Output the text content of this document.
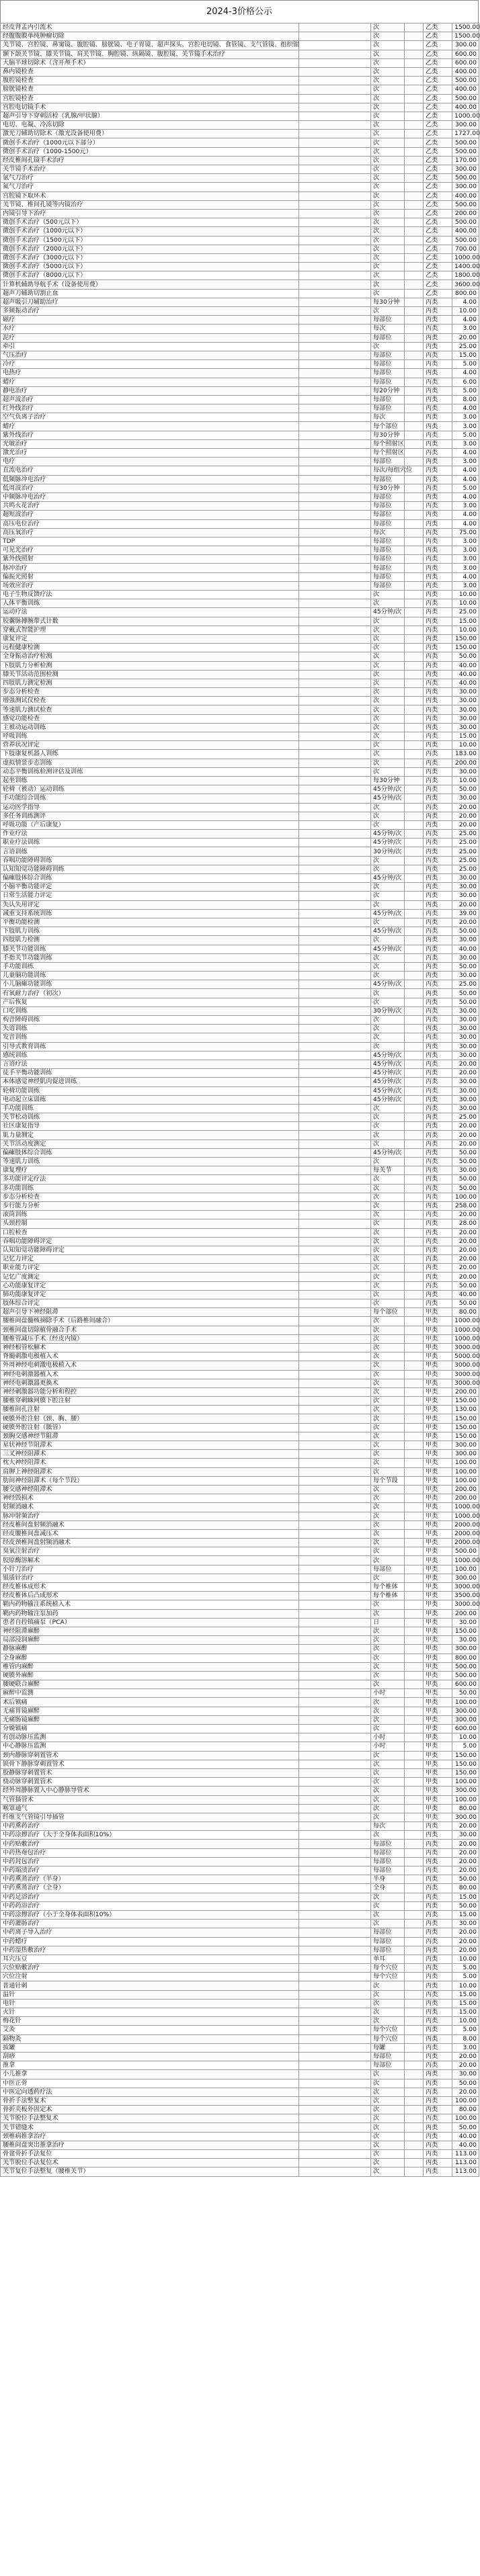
2024-3价格公示
经皮肾盂内引流术		次		乙类	1500.00
经腹腹膜单纯肿瘤切除		次		乙类	1500.00
关节镜、宫腔镜、鼻窦镜、腹腔镜、膀胱镜、电子胃镜、超声探头、宫腔电切镜、食管镜、支气管镜、组织钳		次		乙类	300.00
颞下颌关节镜、膝关节镜、肩关节镜、胸腔镜、纵隔镜、腹腔镜、关节镜手术治疗		次		乙类	600.00
大脑半球切除术（含开颅手术）		次		乙类	600.00
鼻内镜检查		次		乙类	400.00
腹腔镜检查		次		乙类	500.00
膀胱镜检查		次		乙类	400.00
宫腔镜检查		次		乙类	500.00
宫腔电切镜手术		次		乙类	400.00
超声引导下穿刺活检（乳腺/甲状腺）		次		乙类	1000.00
电切、电凝、冷冻切除		次		乙类	300.00
激光刀辅助切除术（激光设备使用费）		次		乙类	1727.00
微创手术治疗（1000元以下部分）		次		乙类	500.00
微创手术治疗（1000-1500元）		次		乙类	500.00
经皮椎间孔镜手术治疗		次		乙类	170.00
关节镜手术治疗		次		乙类	300.00
氩气刀治疗		次		乙类	500.00
氦气刀治疗		次		乙类	300.00
宫腔镜下取环术		次		乙类	400.00
关节镜、椎间孔镜等内镜治疗		次		乙类	500.00
内镜引导下治疗		次		乙类	200.00
微创手术治疗（500元以下）		次		乙类	500.00
微创手术治疗（1000元以下）		次		乙类	400.00
微创手术治疗（1500元以下）		次		乙类	500.00
微创手术治疗（2000元以下）		次		乙类	700.00
微创手术治疗（3000元以下）		次		乙类	1000.00
微创手术治疗（5000元以下）		次		乙类	1400.00
微创手术治疗（8000元以下）		次		乙类	1800.00
计算机辅助导航手术（设备使用费）		次		乙类	3600.00
超声刀辅助切割止血		次		乙类	800.00
超声吸引刀辅助治疗		每30分钟		丙类	4.00
多频振动治疗		次		丙类	10.00
磁疗		每部位		丙类	4.00
水疗		每次		丙类	3.00
泥疗		每部位		丙类	20.00
牵引		次		丙类	25.00
气压治疗		每部位		丙类	15.00
冷疗		每部位		丙类	5.00
电热疗		每部位		丙类	4.00
蜡疗		每部位		丙类	6.00
静电治疗		每20分钟		丙类	5.00
超声波治疗		每部位		丙类	8.00
红外线治疗		每部位		丙类	4.00
空气负离子治疗		每次		丙类	3.00
蜡疗		每个部位		丙类	3.00
紫外线治疗		每30分钟		丙类	5.00
光敏治疗		每个照射区		丙类	3.00
激光治疗		每个照射区		丙类	4.00
电疗		每部位		丙类	3.00
直流电治疗		每次/每组穴位		丙类	4.00
低频脉冲电治疗		每部位		丙类	4.00
低周波治疗		每30分钟		丙类	5.00
中频脉冲电治疗		每部位		丙类	4.00
共鸣火花治疗		每部位		丙类	3.00
超短波治疗		每部位		丙类	4.00
高压电位治疗		每部位		丙类	4.00
高压氧治疗		每次		丙类	75.00
TDP		每部位		丙类	3.00
可见光治疗		每部位		丙类	3.00
紫外线照射		每部位		丙类	3.00
脉冲治疗		每部位		丙类	3.00
偏振光照射		每部位		丙类	4.00
场效应治疗		每部位		丙类	3.00
电子生物反馈疗法		次		丙类	10.00
人体平衡训练		次		丙类	10.00
运动疗法		45分钟/次		丙类	25.00
胶囊脉搏腕带式计数		次		丙类	15.00
穿戴式智能护理		次		丙类	10.00
康复评定		次		丙类	150.00
远程健康检测		次		丙类	150.00
全身振动治疗检测		次		丙类	50.00
下肢肌力分析检测		次		丙类	40.00
膝关节活动范围检测		次		丙类	40.00
四肢肌力测定检测		次		丙类	40.00
步态分析检查		次		丙类	30.00
增强测试仪检查		次		丙类	30.00
等速肌力测试检查		次		丙类	30.00
感觉功能检查		次		丙类	30.00
主被动运动训练		次		丙类	30.00
呼吸训练		次		丙类	15.00
营养状况评定		次		丙类	10.00
下肢康复机器人训练		次		丙类	183.00
虚拟情景步态训练		次		丙类	200.00
动态平衡训练检测评估及训练		次		丙类	30.00
起坐训练		每30分钟		丙类	10.00
轮椅（被动）运动训练		45分钟/次		丙类	50.00
手功能综合训练		45分钟/次		丙类	30.00
运动医学指导		次		丙类	20.00
多任务训练测评		次		丙类	20.00
呼吸功能（产后康复）		次		丙类	20.00
作业疗法		45分钟/次		丙类	25.00
职业疗法训练		45分钟/次		丙类	25.00
言语训练		30分钟/次		丙类	25.00
吞咽功能障碍训练		次		丙类	25.00
认知知觉功能障碍训练		次		丙类	25.00
偏瘫肢体综合训练		45分钟/次		丙类	30.00
小脑平衡功能评定		次		丙类	30.00
日常生活能力评定		次		丙类	30.00
失认失用评定		次		丙类	20.00
减重支持系统训练		45分钟/次		丙类	39.00
平衡功能检测		次		丙类	20.00
下肢肌力训练		45分钟/次		丙类	50.00
四肢肌力检测		次		丙类	30.00
膝关节功能训练		45分钟/次		丙类	40.00
手指关节功能训练		次		丙类	30.00
手功能训练		次		丙类	50.00
儿童脑功能训练		次		丙类	30.00
小儿脑瘫功能训练		45分钟/次		丙类	25.00
有氧耐力治疗（初次）		次		丙类	50.00
产后恢复		次		丙类	50.00
口吃训练		30分钟/次		丙类	30.00
构音障碍训练		次		丙类	30.00
失语训练		次		丙类	30.00
发音训练		次		丙类	30.00
引导式教育训练		次		丙类	30.00
感统训练		45分钟/次		丙类	30.00
言语疗法		45分钟/次		丙类	20.00
徒手平衡功能训练		45分钟/次		丙类	20.00
本体感觉神经肌肉促进训练		45分钟/次		丙类	30.00
轮椅功能训练		45分钟/次		丙类	30.00
电动起立床训练		45分钟/次		丙类	30.00
手功能训练		次		丙类	30.00
关节松动训练		次		丙类	25.00
社区康复指导		次		丙类	20.00
肌力量测定		次		丙类	20.00
关节活动度测定		次		丙类	20.00
偏瘫肢体综合训练		45分钟/次		丙类	50.00
等速肌力训练		次		丙类	50.00
康复理疗		每关节		丙类	30.00
多功能评定疗法		次		丙类	50.00
多功能训练		次		丙类	50.00
步态分析检查		次		丙类	100.00
步行能力分析		次		丙类	258.00
滚筒训练		次		丙类	20.00
头颈控制		次		丙类	28.00
口腔检查		次		丙类	20.00
吞咽功能障碍评定		次		丙类	20.00
认知知觉功能障碍评定		次		丙类	20.00
记忆力评定		次		丙类	20.00
职业能力评定		次		丙类	20.00
记忆广度测定		次		丙类	20.00
心功能康复评定		次		丙类	50.00
肺功能康复评定		次		丙类	40.00
肢体综合评定		次		丙类	50.00
超声引导下神经阻滞		每个部位		甲类	80.00
腰椎间盘髓核摘除手术（后路椎间融合）		次		甲类	1000.00
颈椎间盘切除植骨融合手术		次		甲类	1000.00
腰椎管减压手术（经皮内镜）		次		甲类	1000.00
神经根管松解术		次		甲类	3000.00
脊髓刺激电极植入术		次		甲类	5000.00
外周神经电刺激电极植入术		次		甲类	3000.00
神经电刺激器植入术		次		甲类	3000.00
神经电刺激器更换术		次		甲类	3000.00
神经刺激器功能分析和程控		次		甲类	200.00
腰椎穿刺蛛网膜下腔注射		次		甲类	150.00
腰椎间孔注射		次		甲类	130.00
硬膜外腔注射（颈、胸、腰）		次		甲类	150.00
硬膜外腔注射（骶管）		次		甲类	150.00
颈胸交感神经节阻滞		次		甲类	150.00
星状神经节阻滞术		次		甲类	300.00
三叉神经阻滞术		次		甲类	300.00
枕大神经阻滞术		次		甲类	100.00
肩胛上神经阻滞术		次		甲类	100.00
肋间神经阻滞术（每个节段）		每个节段		甲类	100.00
腰交感神经阻滞术		次		甲类	200.00
神经毁损术		次		甲类	200.00
射频消融术		次		甲类	1000.00
脉冲射频治疗		次		甲类	1000.00
经皮椎间盘射频消融术		次		甲类	2000.00
经皮腰椎间盘减压术		次		甲类	2000.00
经皮颈椎间盘射频消融术		次		甲类	2000.00
臭氧注射治疗		次		甲类	500.00
胶原酶溶解术		次		甲类	1000.00
小针刀治疗		每部位		甲类	100.00
银质针治疗		次		甲类	300.00
经皮椎体成形术		每个椎体		甲类	3000.00
经皮椎体后凸成形术		每个椎体		甲类	3500.00
鞘内药物输注系统植入术		次		甲类	3000.00
鞘内药物输注泵加药		次		甲类	200.00
患者自控镇痛泵（PCA）		日		甲类	30.00
神经阻滞麻醉		次		甲类	150.00
局部浸润麻醉		次		甲类	30.00
静脉麻醉		次		甲类	300.00
全身麻醉		次		甲类	800.00
椎管内麻醉		次		甲类	500.00
硬膜外麻醉		次		甲类	500.00
腰硬联合麻醉		次		甲类	600.00
麻醉中监测		小时		甲类	50.00
术后镇痛		次		甲类	100.00
无痛胃镜麻醉		次		甲类	300.00
无痛肠镜麻醉		次		甲类	300.00
分娩镇痛		次		甲类	600.00
有创动脉压监测		小时		甲类	10.00
中心静脉压监测		小时		甲类	5.00
颈内静脉穿刺置管术		次		甲类	150.00
锁骨下静脉穿刺置管术		次		甲类	150.00
股静脉穿刺置管术		次		甲类	150.00
桡动脉穿刺置管术		次		甲类	100.00
经外周静脉置入中心静脉导管术		次		甲类	300.00
气管插管术		次		甲类	100.00
喉罩通气		次		甲类	80.00
纤维支气管镜引导插管		次		甲类	300.00
中药熏药治疗		每次		丙类	20.00
中药涂擦治疗（大于全身体表面积10%）		次		丙类	30.00
中药贴敷治疗		每部位		丙类	20.00
中药热奄包治疗		每部位		丙类	20.00
中药封包治疗		每部位		丙类	20.00
中药塌渍治疗		每部位		丙类	20.00
中药熏蒸治疗（半身）		半身		丙类	50.00
中药熏蒸治疗（全身）		全身		丙类	80.00
中药足浴治疗		次		丙类	15.00
中药药浴治疗		次		丙类	50.00
中药涂擦治疗（小于全身体表面积10%）		次		丙类	15.00
中药灌肠治疗		次		丙类	30.00
中药离子导入治疗		每部位		丙类	20.00
中药蜡疗		每部位		丙类	20.00
中药湿热敷治疗		每部位		丙类	20.00
耳穴压豆		单耳		丙类	10.00
穴位贴敷治疗		每个穴位		丙类	5.00
穴位注射		每个穴位		丙类	5.00
普通针刺		次		丙类	10.00
温针		次		丙类	15.00
电针		次		丙类	15.00
火针		次		丙类	15.00
梅花针		次		丙类	10.00
艾灸		每个穴位		丙类	5.00
隔物灸		每个穴位		丙类	8.00
拔罐		每罐		丙类	3.00
刮痧		每部位		丙类	20.00
推拿		每部位		丙类	20.00
小儿推拿		次		丙类	30.00
中医正骨		次		丙类	50.00
中医定向透药疗法		次		丙类	20.00
骨折手法整复术		次		丙类	100.00
骨折夹板外固定术		次		丙类	80.00
关节脱位手法整复术		次		丙类	100.00
关节错缝术		次		丙类	50.00
颈椎病推拿治疗		次		丙类	40.00
腰椎间盘突出推拿治疗		次		丙类	40.00
骨盆骨折手法复位		次		丙类	113.00
关节脱位手法复位术		次		丙类	113.00
关节复位手法整复（腰椎关节）		次		丙类	113.00
